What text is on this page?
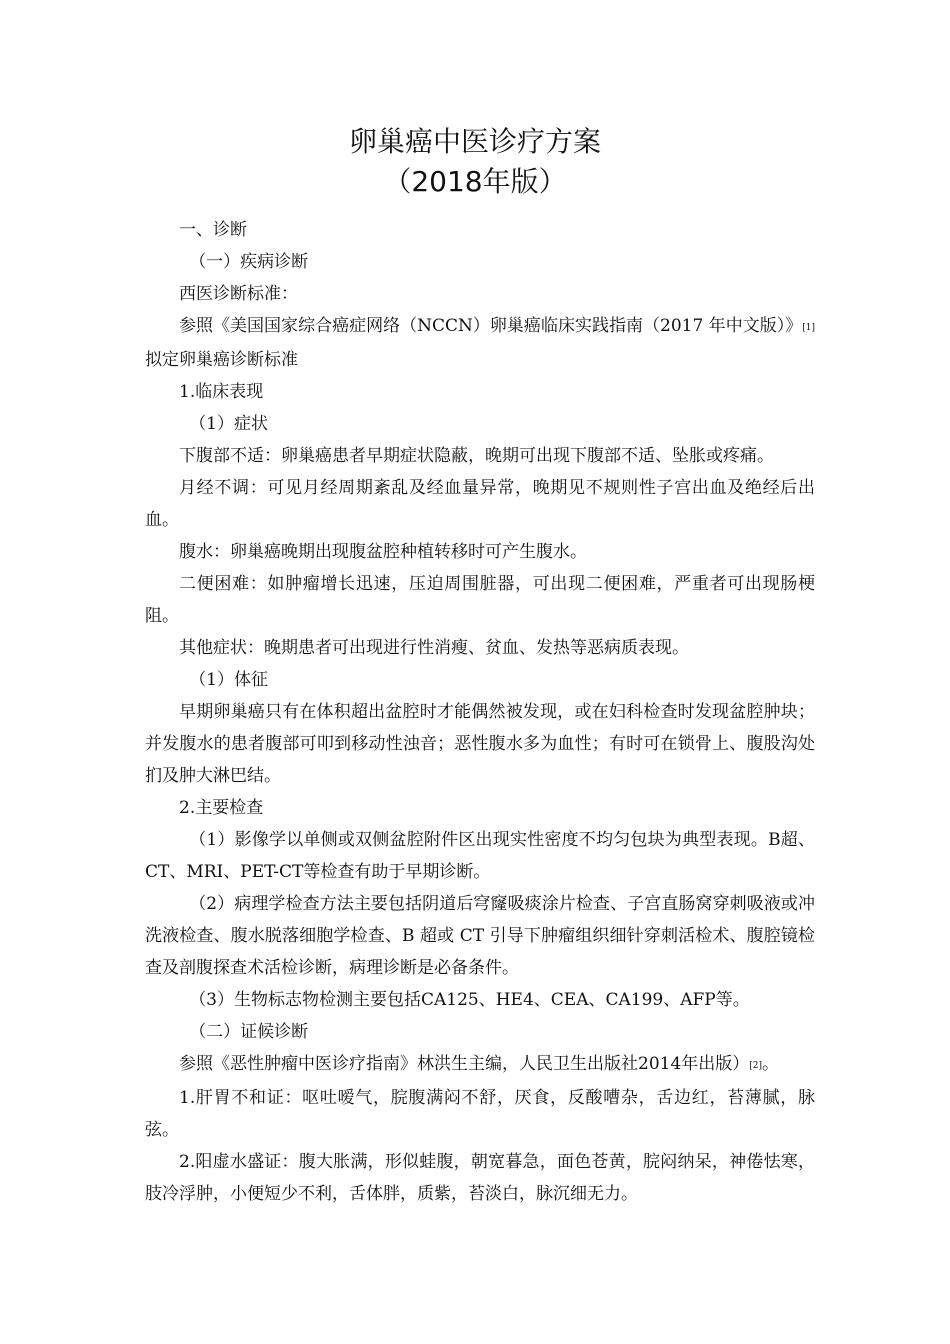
卵巢癌中医诊疗方案
（2018年版）

一、诊断

（一）疾病诊断

西医诊断标准：

参照《美国国家综合癌症网络（NCCN）卵巢癌临床实践指南（2017 年中文版）》[1]拟定卵巢癌诊断标准

1.临床表现

（1）症状

下腹部不适：卵巢癌患者早期症状隐蔽，晚期可出现下腹部不适、坠胀或疼痛。

月经不调：可见月经周期紊乱及经血量异常，晚期见不规则性子宫出血及绝经后出血。

腹水：卵巢癌晚期出现腹盆腔种植转移时可产生腹水。

二便困难：如肿瘤增长迅速，压迫周围脏器，可出现二便困难，严重者可出现肠梗阻。

其他症状：晚期患者可出现进行性消瘦、贫血、发热等恶病质表现。

（1）体征

早期卵巢癌只有在体积超出盆腔时才能偶然被发现，或在妇科检查时发现盆腔肿块；并发腹水的患者腹部可叩到移动性浊音；恶性腹水多为血性；有时可在锁骨上、腹股沟处扪及肿大淋巴结。

2.主要检查

（1）影像学以单侧或双侧盆腔附件区出现实性密度不均匀包块为典型表现。B超、CT、MRI、PET-CT等检查有助于早期诊断。

（2）病理学检查方法主要包括阴道后穹窿吸痰涂片检查、子宫直肠窝穿刺吸液或冲洗液检查、腹水脱落细胞学检查、B 超或 CT 引导下肿瘤组织细针穿刺活检术、腹腔镜检查及剖腹探查术活检诊断，病理诊断是必备条件。

（3）生物标志物检测主要包括CA125、HE4、CEA、CA199、AFP等。

（二）证候诊断

参照《恶性肿瘤中医诊疗指南》林洪生主编，人民卫生出版社2014年出版）[2]。

1.肝胃不和证：呕吐嗳气，脘腹满闷不舒，厌食，反酸嘈杂，舌边红，苔薄腻，脉弦。

2.阳虚水盛证：腹大胀满，形似蛙腹，朝宽暮急，面色苍黄，脘闷纳呆，神倦怯寒，肢冷浮肿，小便短少不利，舌体胖，质紫，苔淡白，脉沉细无力。
